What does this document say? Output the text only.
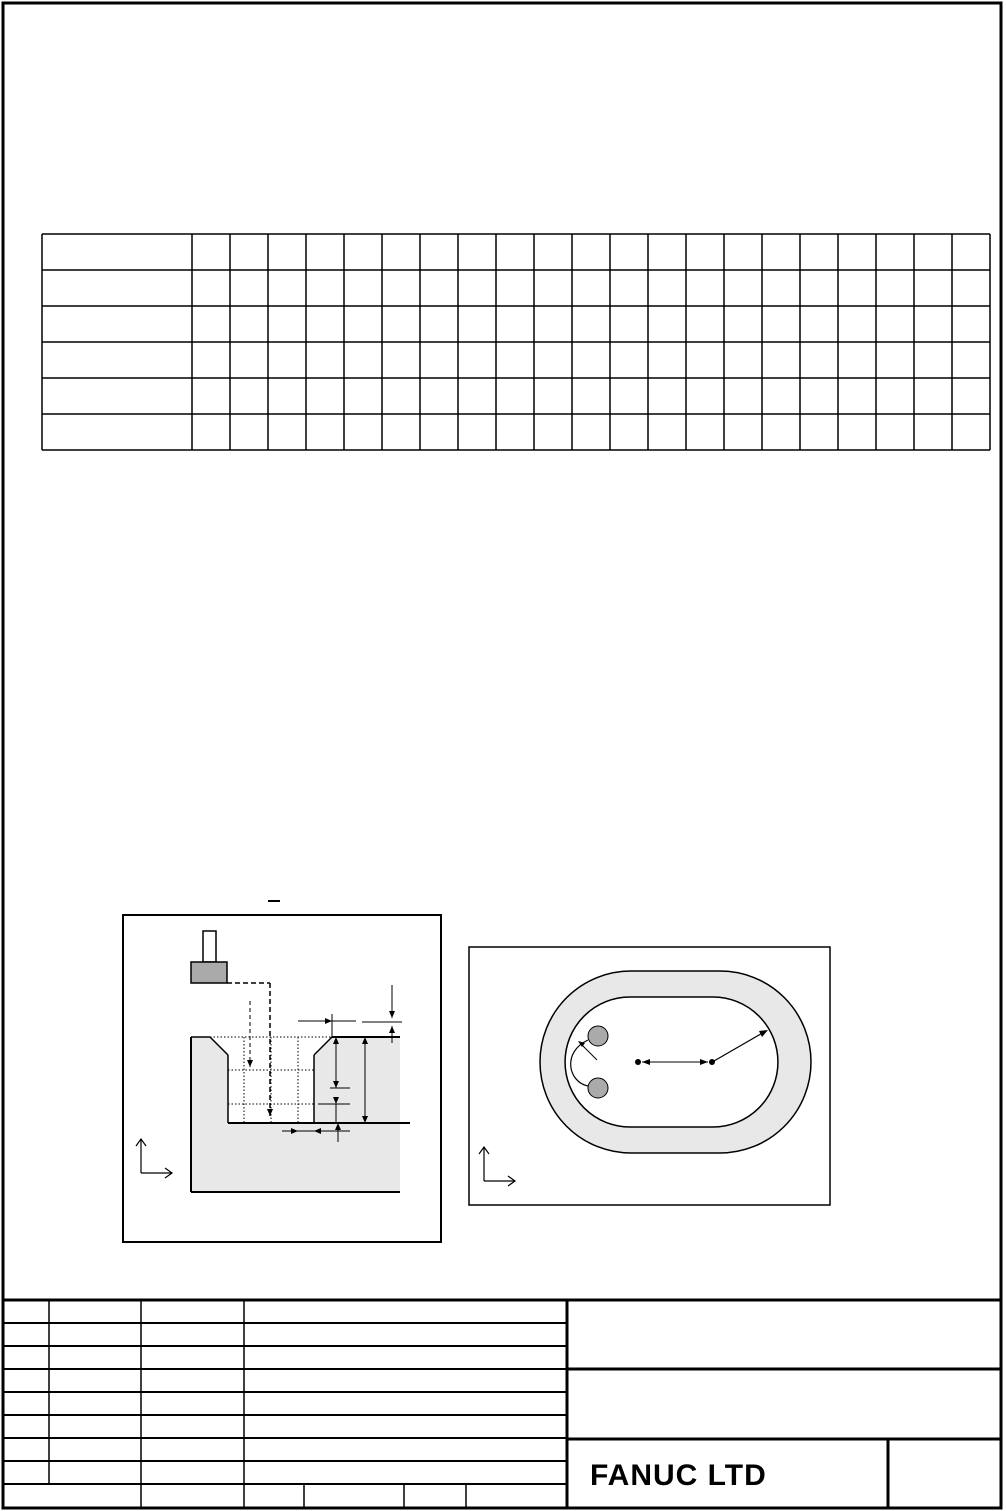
FANUC LTD
